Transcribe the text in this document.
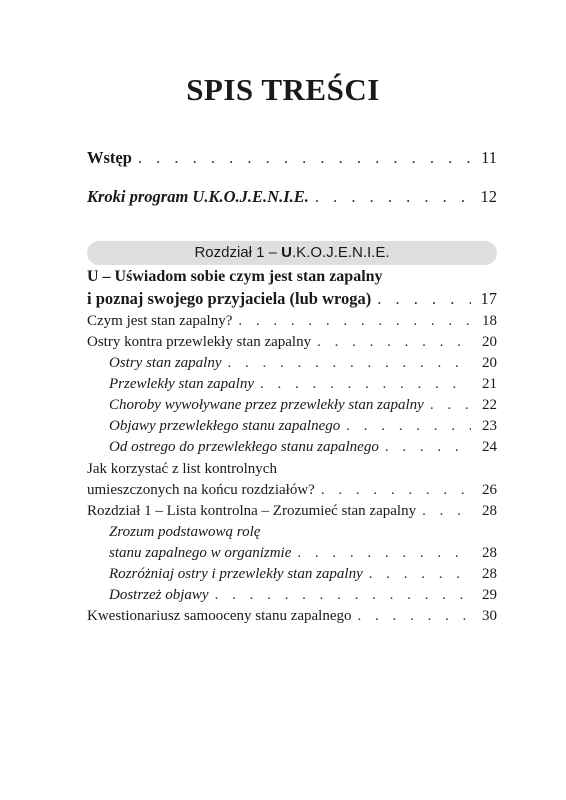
SPIS TREŚCI
Wstęp . . .	11
Kroki program U.K.O.J.E.N.I.E. . . .	12
Rozdział 1 – U.K.O.J.E.N.I.E.
U – Uświadom sobie czym jest stan zapalny
i poznaj swojego przyjaciela (lub wroga) . . .	17
Czym jest stan zapalny? . . .	18
Ostry kontra przewlekły stan zapalny . . .	20
Ostry stan zapalny . . .	20
Przewlekły stan zapalny . . .	21
Choroby wywoływane przez przewlekły stan zapalny . . .	22
Objawy przewlekłego stanu zapalnego . . .	23
Od ostrego do przewlekłego stanu zapalnego . . .	24
Jak korzystać z list kontrolnych
umieszczonych na końcu rozdziałów? . . .	26
Rozdział 1 – Lista kontrolna – Zrozumieć stan zapalny . . .	28
Zrozum podstawową rolę
stanu zapalnego w organizmie . . .	28
Rozróżniaj ostry i przewlekły stan zapalny . . .	28
Dostrzeż objawy . . .	29
Kwestionariusz samooceny stanu zapalnego . . .	30
